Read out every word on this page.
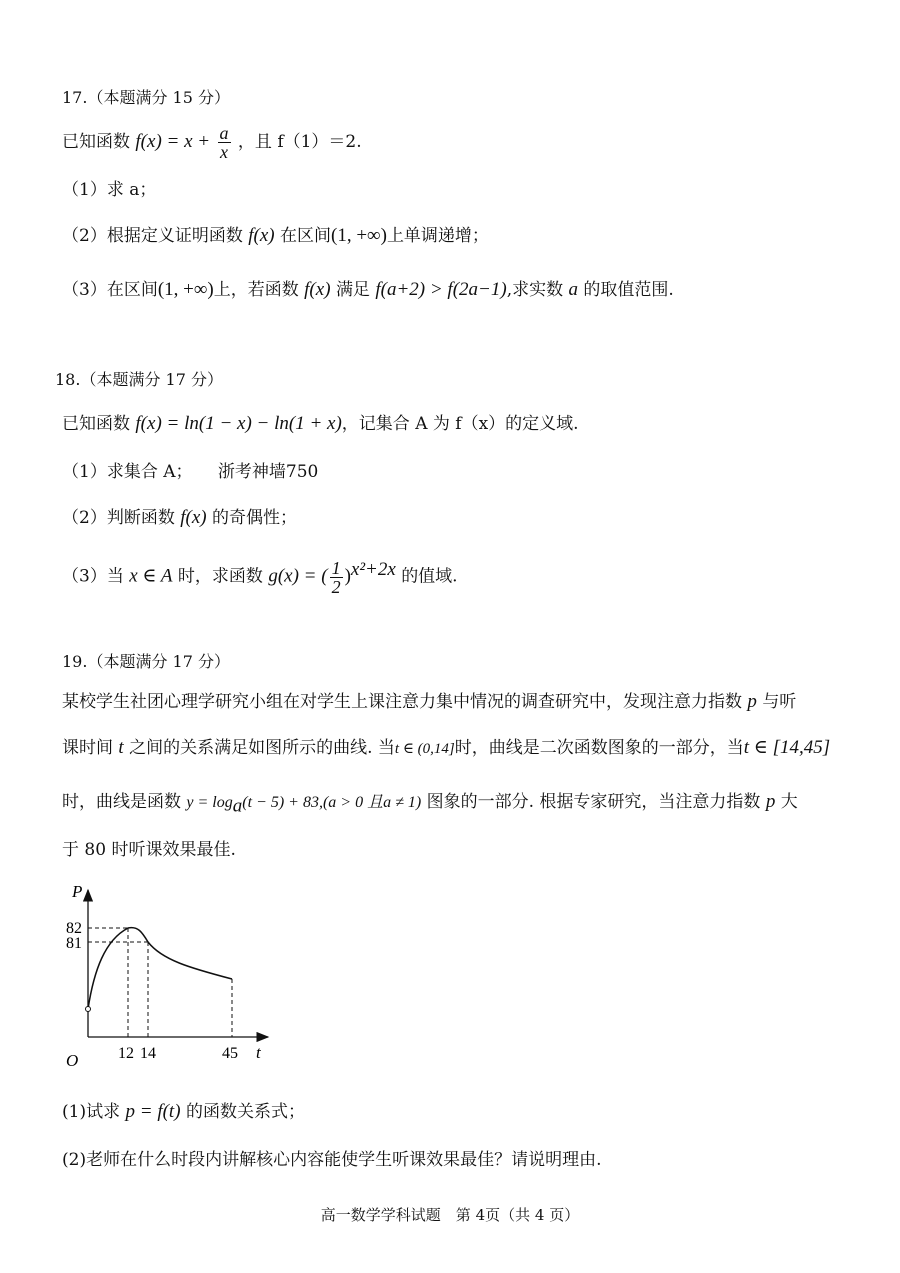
17.（本题满分 15 分）
已知函数 $f(x) = x + \frac{a}{x}$ ，且 f（1）＝2.
（1）求 a；
（2）根据定义证明函数 f(x) 在区间(1, +∞)上单调递增；
（3）在区间(1, +∞)上，若函数 f(x) 满足 f(a+2) > f(2a−1),求实数 a 的取值范围.
18.（本题满分 17 分）
已知函数 f(x) = ln(1 − x) − ln(1 + x)，记集合 A 为 f（x）的定义域.
（1）求集合 A； 浙考神墙750
（2）判断函数 f(x) 的奇偶性；
（3）当 x ∈ A 时，求函数 g(x) = ( $\frac{1}{2} )^{x^2+2x}$ 的值域.
19.（本题满分 17 分）
某校学生社团心理学研究小组在对学生上课注意力集中情况的调查研究中，发现注意力指数 p 与听
课时间 t 之间的关系满足如图所示的曲线. 当t ∈ (0,14]时，曲线是二次函数图象的一部分，当t ∈ [14,45]
时，曲线是函数 $y = \log_a(t - 5) + 83,(a > 0$ 且a ≠ 1) 图象的一部分. 根据专家研究，当注意力指数 p 大
于 80 时听课效果最佳.
P
t
O
82
81
12 14	45
(1)试求 p = f(t) 的函数关系式；
(2)老师在什么时段内讲解核心内容能使学生听课效果最佳？请说明理由.
高一数学学科试题　第 4页（共 4 页）
